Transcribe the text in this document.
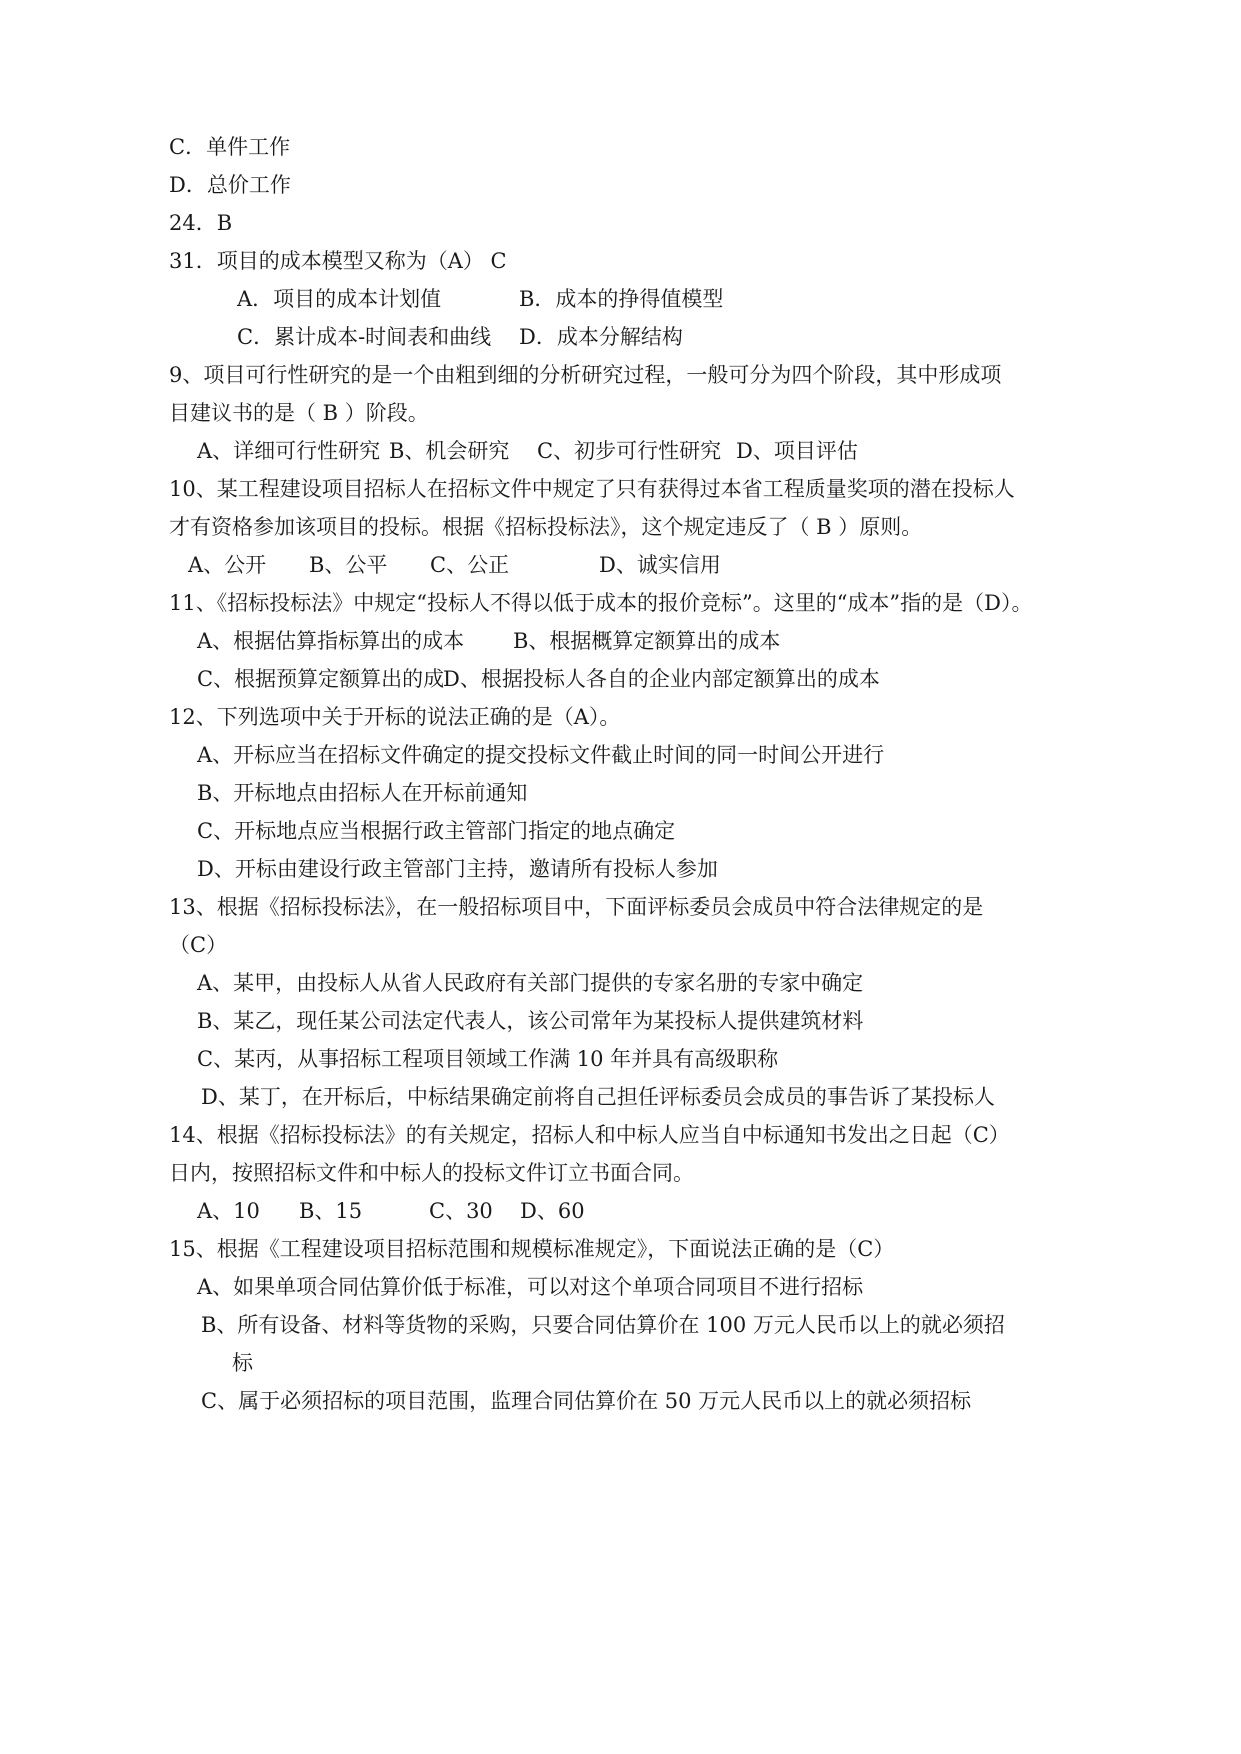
C．单件工作
D．总价工作
24．B
31．项目的成本模型又称为（A） C
A．项目的成本计划值	B．成本的挣得值模型
C．累计成本-时间表和曲线 D．成本分解结构
9、项目可行性研究的是一个由粗到细的分析研究过程，一般可分为四个阶段，其中形成项
目建议书的是（ B ）阶段。
A、详细可行性研究 B、机会研究 C、初步可行性研究 D、项目评估
10、某工程建设项目招标人在招标文件中规定了只有获得过本省工程质量奖项的潜在投标人
才有资格参加该项目的投标。根据《招标投标法》，这个规定违反了（ B ）原则。
A、公开 B、公平 C、公正	D、诚实信用
11、《招标投标法》中规定“投标人不得以低于成本的报价竞标”。这里的“成本”指的是（D）。
A、根据估算指标算出的成本 B、根据概算定额算出的成本
C、根据预算定额算出的成
D、根据投标人各自的企业内部定额算出的成本
12、下列选项中关于开标的说法正确的是（A）。
A、开标应当在招标文件确定的提交投标文件截止时间的同一时间公开进行
B、开标地点由招标人在开标前通知
C、开标地点应当根据行政主管部门指定的地点确定
D、开标由建设行政主管部门主持，邀请所有投标人参加
13、根据《招标投标法》，在一般招标项目中，下面评标委员会成员中符合法律规定的是
（C）
A、某甲，由投标人从省人民政府有关部门提供的专家名册的专家中确定
B、某乙，现任某公司法定代表人，该公司常年为某投标人提供建筑材料
C、某丙，从事招标工程项目领域工作满 10 年并具有高级职称
D、某丁，在开标后，中标结果确定前将自己担任评标委员会成员的事告诉了某投标人
14、根据《招标投标法》的有关规定，招标人和中标人应当自中标通知书发出之日起（C）
日内，按照招标文件和中标人的投标文件订立书面合同。
A、10 B、15	C、30 D、60
15、根据《工程建设项目招标范围和规模标准规定》，下面说法正确的是（C）
A、如果单项合同估算价低于标准，可以对这个单项合同项目不进行招标
B、所有设备、材料等货物的采购，只要合同估算价在 100 万元人民币以上的就必须招
标
C、属于必须招标的项目范围，监理合同估算价在 50 万元人民币以上的就必须招标
